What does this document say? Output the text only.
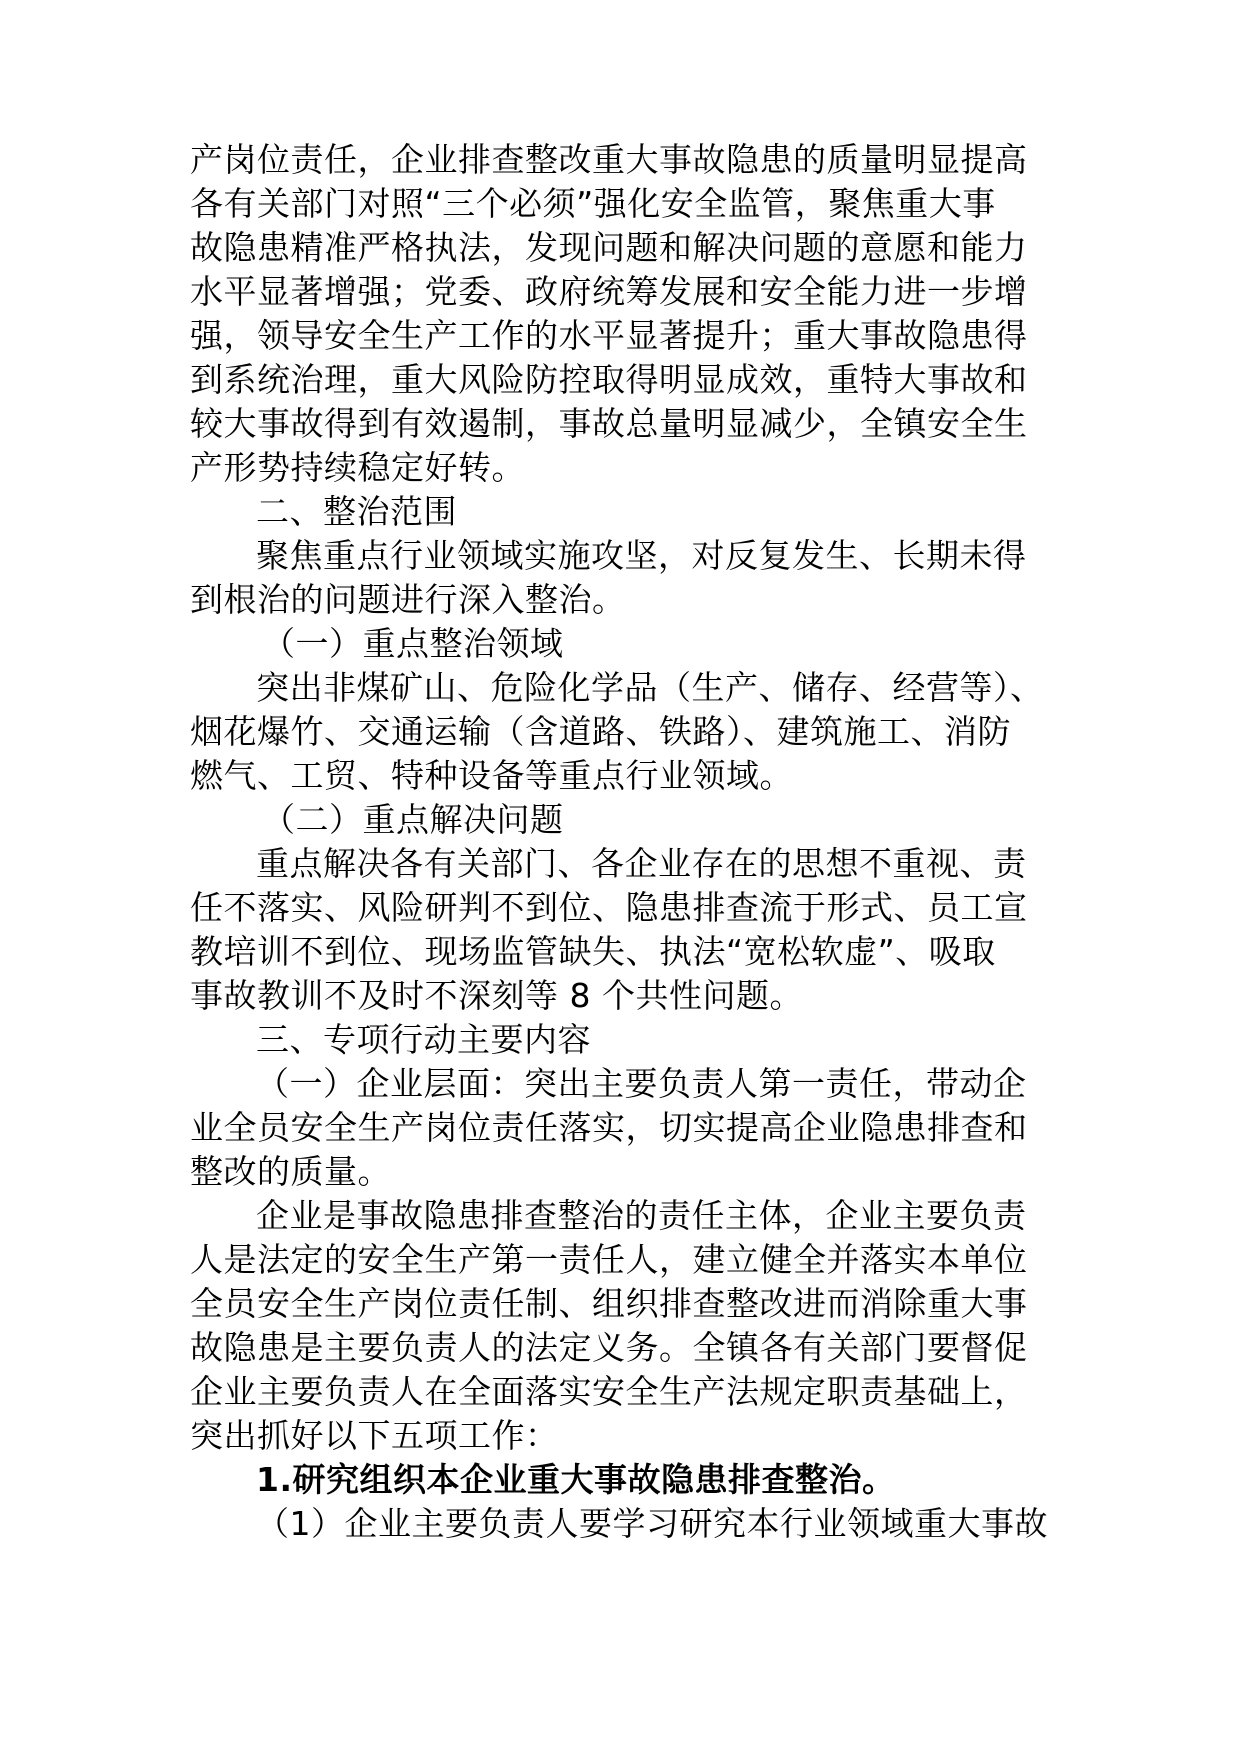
产岗位责任，企业排查整改重大事故隐患的质量明显提高
各有关部门对照“三个必须”强化安全监管，聚焦重大事
故隐患精准严格执法，发现问题和解决问题的意愿和能力
水平显著增强；党委、政府统筹发展和安全能力进一步增
强，领导安全生产工作的水平显著提升；重大事故隐患得
到系统治理，重大风险防控取得明显成效，重特大事故和
较大事故得到有效遏制，事故总量明显减少，全镇安全生
产形势持续稳定好转。
二、整治范围
聚焦重点行业领域实施攻坚，对反复发生、长期未得
到根治的问题进行深入整治。
（一）重点整治领域
突出非煤矿山、危险化学品（生产、储存、经营等）、
烟花爆竹、交通运输（含道路、铁路）、建筑施工、消防
燃气、工贸、特种设备等重点行业领域。
（二）重点解决问题
重点解决各有关部门、各企业存在的思想不重视、责
任不落实、风险研判不到位、隐患排查流于形式、员工宣
教培训不到位、现场监管缺失、执法“宽松软虚”、吸取
事故教训不及时不深刻等 8 个共性问题。
三、专项行动主要内容
（一）企业层面：突出主要负责人第一责任，带动企
业全员安全生产岗位责任落实，切实提高企业隐患排查和
整改的质量。
企业是事故隐患排查整治的责任主体，企业主要负责
人是法定的安全生产第一责任人，建立健全并落实本单位
全员安全生产岗位责任制、组织排查整改进而消除重大事
故隐患是主要负责人的法定义务。全镇各有关部门要督促
企业主要负责人在全面落实安全生产法规定职责基础上，
突出抓好以下五项工作：
1.研究组织本企业重大事故隐患排查整治。
（1）企业主要负责人要学习研究本行业领域重大事故
